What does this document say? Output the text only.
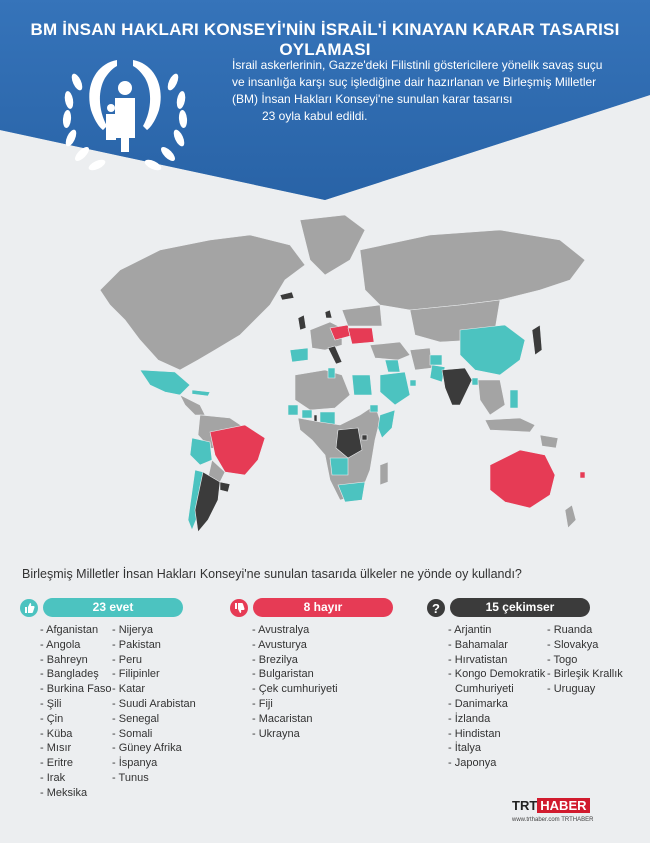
BM İNSAN HAKLARI KONSEYİ'NİN İSRAİL'İ KINAYAN KARAR TASARISI OYLAMASI

İsrail askerlerinin, Gazze'deki Filistinli göstericilere yönelik savaş suçu

ve insanlığa karşı suç işlediğine dair hazırlanan ve Birleşmiş Milletler

(BM) İnsan Hakları Konseyi'ne sunulan karar tasarısı

23 oyla kabul edildi.

Birleşmiş Milletler İnsan Hakları Konseyi'ne sunulan tasarıda ülkeler ne yönde oy kullandı?
23 evet
- Afganistan
- Angola
- Bahreyn
- Bangladeş
- Burkina Faso
- Şili
- Çin
- Küba
- Mısır
- Eritre
- Irak
- Meksika
- Nijerya
- Pakistan
- Peru
- Filipinler
- Katar
- Suudi Arabistan
- Senegal
- Somali
- Güney Afrika
- İspanya
- Tunus
8 hayır
- Avustralya
- Avusturya
- Brezilya
- Bulgaristan
- Çek cumhuriyeti
- Fiji
- Macaristan
- Ukrayna
?	15 çekimser
- Arjantin
- Bahamalar
- Hırvatistan
- Kongo Demokratik
Cumhuriyeti
- Danimarka
- İzlanda
- Hindistan
- İtalya
- Japonya
- Ruanda
- Slovakya
- Togo
- Birleşik Krallık
- Uruguay
TRT HABER
www.trthaber.com TRTHABER
